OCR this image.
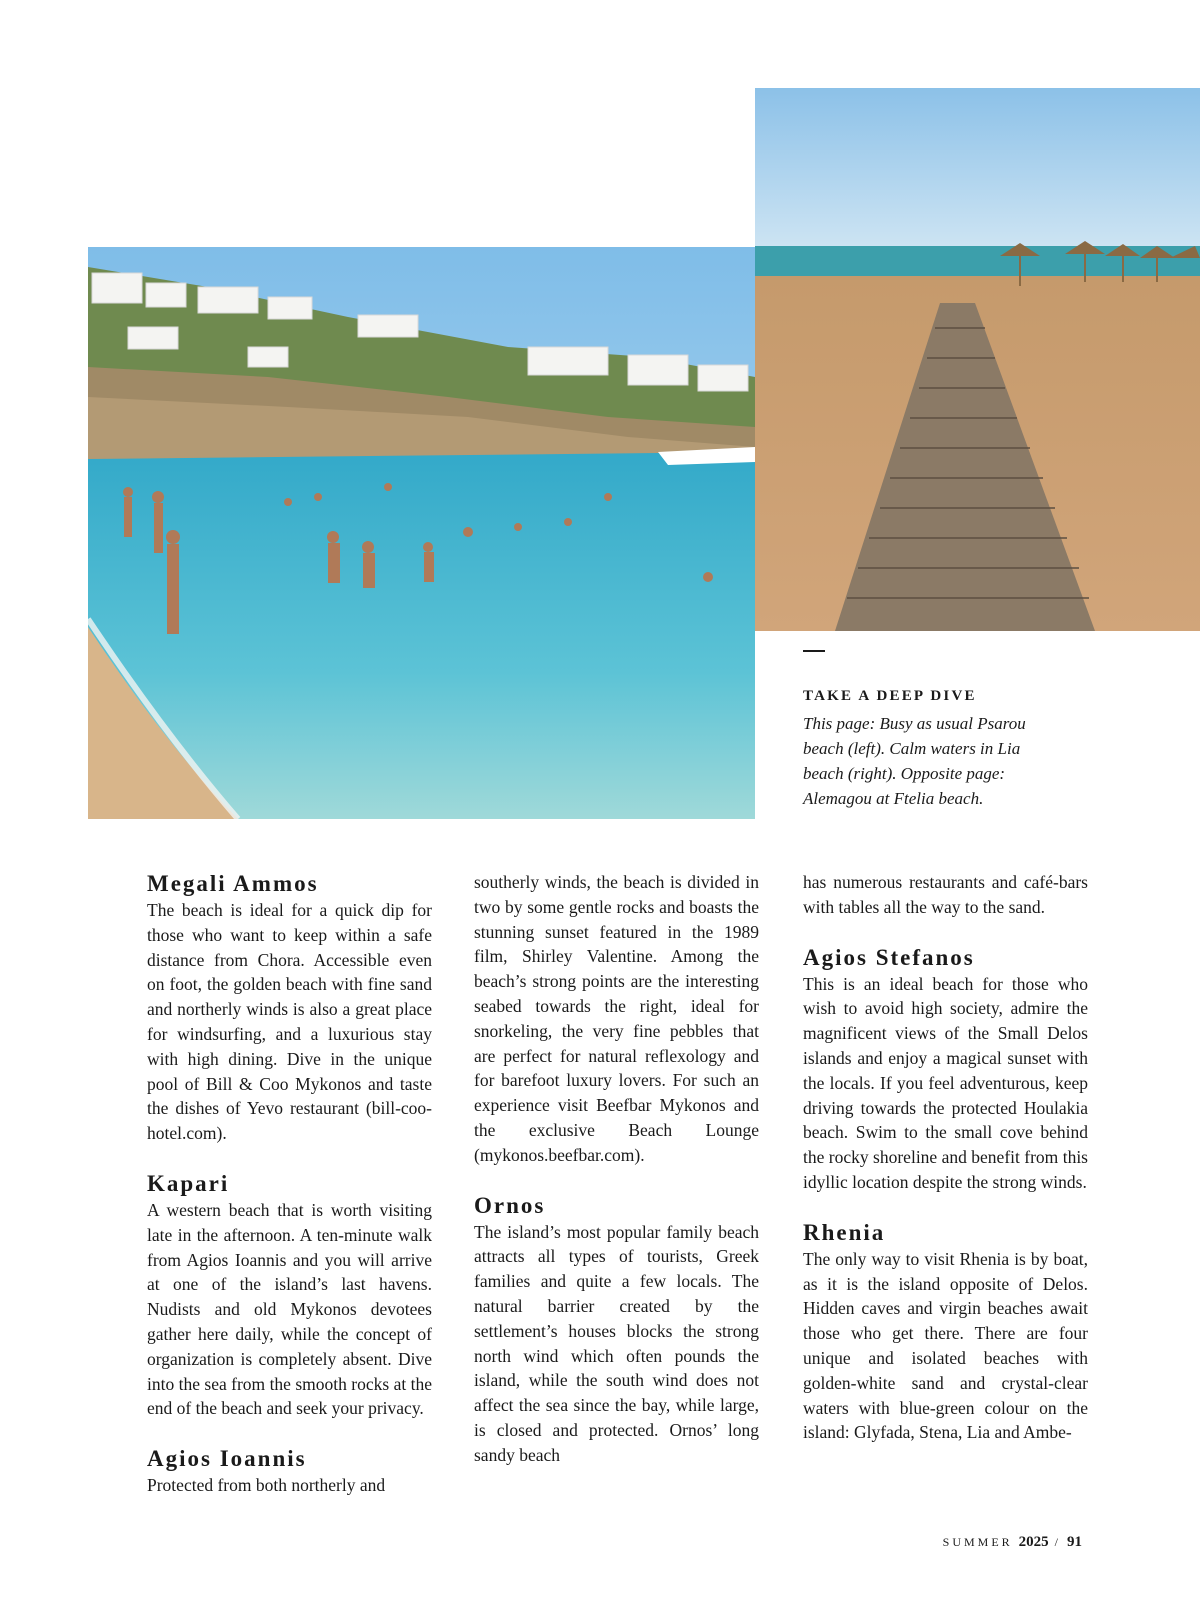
TAKE A DEEP DIVE
This page: Busy as usual Psarou beach (left). Calm waters in Lia beach (right). Opposite page: Alemagou at Ftelia beach.
Megali Ammos

The beach is ideal for a quick dip for those who want to keep within a safe distance from Chora. Accessible even on foot, the golden beach with fine sand and northerly winds is also a great place for windsurfing, and a luxurious stay with high dining. Dive in the unique pool of Bill & Coo Mykonos and taste the dishes of Yevo restaurant (bill-coo-hotel.com).

Kapari

A western beach that is worth visiting late in the afternoon. A ten-minute walk from Agios Ioannis and you will arrive at one of the island’s last havens. Nudists and old Mykonos devotees gather here daily, while the concept of organization is completely absent. Dive into the sea from the smooth rocks at the end of the beach and seek your privacy.

Agios Ioannis

Protected from both northerly and

southerly winds, the beach is divided in two by some gentle rocks and boasts the stunning sunset featured in the 1989 film, Shirley Valentine. Among the beach’s strong points are the interesting seabed towards the right, ideal for snorkeling, the very fine pebbles that are perfect for natural reflexology and for barefoot luxury lovers. For such an experience visit Beefbar Mykonos and the exclusive Beach Lounge (mykonos.beefbar.com).

Ornos

The island’s most popular family beach attracts all types of tourists, Greek families and quite a few locals. The natural barrier created by the settlement’s houses blocks the strong north wind which often pounds the island, while the south wind does not affect the sea since the bay, while large, is closed and protected. Ornos’ long sandy beach

has numerous restaurants and café-bars with tables all the way to the sand.

Agios Stefanos

This is an ideal beach for those who wish to avoid high society, admire the magnificent views of the Small Delos islands and enjoy a magical sunset with the locals. If you feel adventurous, keep driving towards the protected Houlakia beach. Swim to the small cove behind the rocky shoreline and benefit from this idyllic location despite the strong winds.

Rhenia

The only way to visit Rhenia is by boat, as it is the island opposite of Delos. Hidden caves and virgin beaches await those who get there. There are four unique and isolated beaches with golden-white sand and crystal-clear waters with blue-green colour on the island: Glyfada, Stena, Lia and Ambe-

SUMMER 2025 / 91
